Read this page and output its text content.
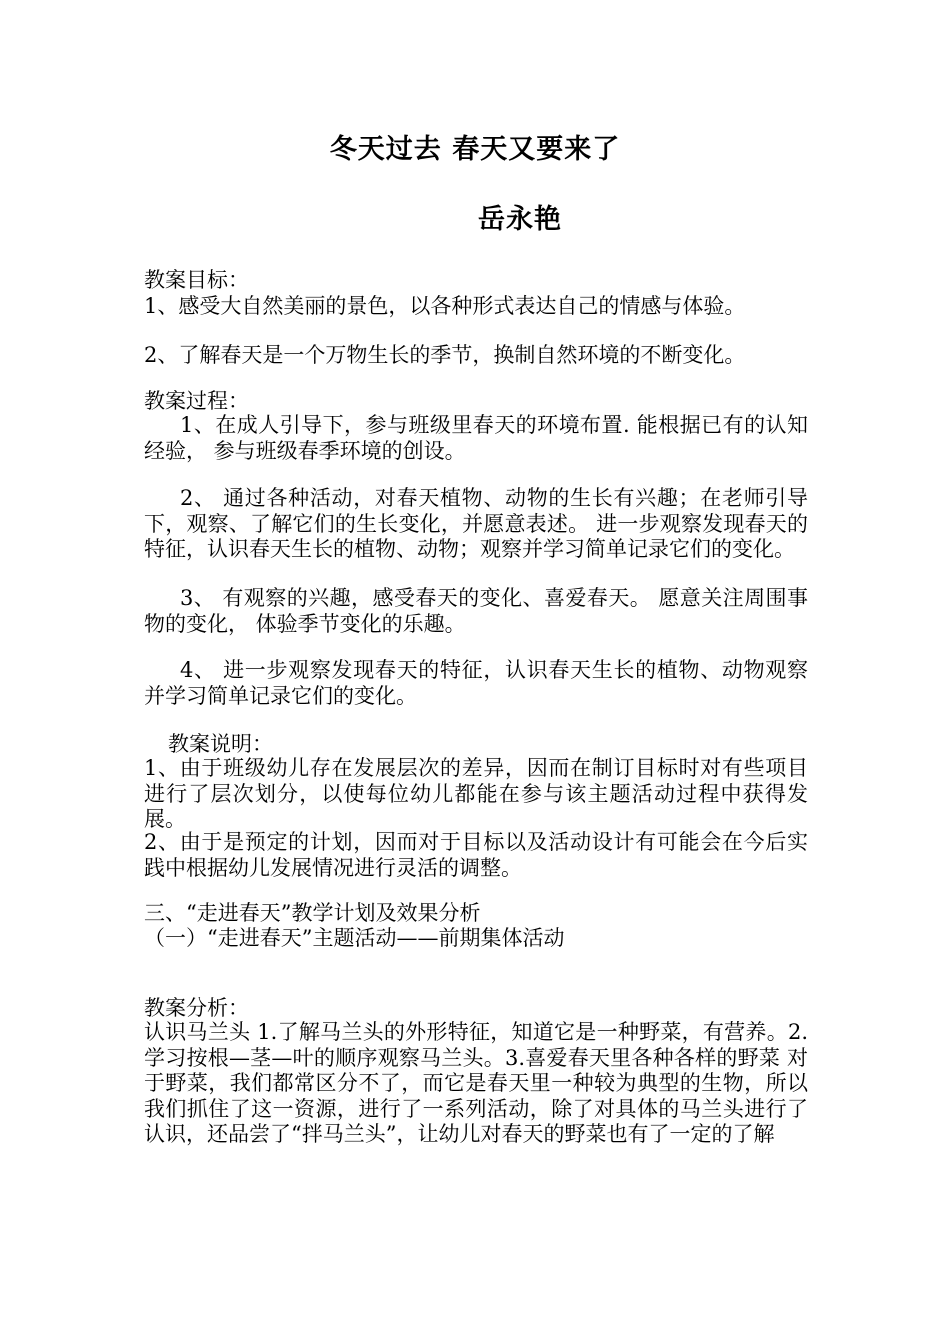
冬天过去 春天又要来了
岳永艳
教案目标：
1、感受大自然美丽的景色，以各种形式表达自己的情感与体验。
2、了解春天是一个万物生长的季节，换制自然环境的不断变化。
教案过程：
1、在成人引导下，参与班级里春天的环境布置. 能根据已有的认知经验， 参与班级春季环境的创设。
2、 通过各种活动，对春天植物、动物的生长有兴趣；在老师引导下，观察、了解它们的生长变化，并愿意表述。 进一步观察发现春天的特征，认识春天生长的植物、动物；观察并学习简单记录它们的变化。
3、 有观察的兴趣，感受春天的变化、喜爱春天。 愿意关注周围事物的变化， 体验季节变化的乐趣。
4、 进一步观察发现春天的特征，认识春天生长的植物、动物观察并学习简单记录它们的变化。
教案说明：
1、由于班级幼儿存在发展层次的差异，因而在制订目标时对有些项目进行了层次划分，以使每位幼儿都能在参与该主题活动过程中获得发展。
2、由于是预定的计划，因而对于目标以及活动设计有可能会在今后实践中根据幼儿发展情况进行灵活的调整。
三、“走进春天”教学计划及效果分析
（一）“走进春天”主题活动——前期集体活动
教案分析：
认识马兰头 1.了解马兰头的外形特征，知道它是一种野菜，有营养。2.学习按根—茎—叶的顺序观察马兰头。3.喜爱春天里各种各样的野菜 对于野菜，我们都常区分不了，而它是春天里一种较为典型的生物，所以我们抓住了这一资源，进行了一系列活动，除了对具体的马兰头进行了认识，还品尝了“拌马兰头”，让幼儿对春天的野菜也有了一定的了解
